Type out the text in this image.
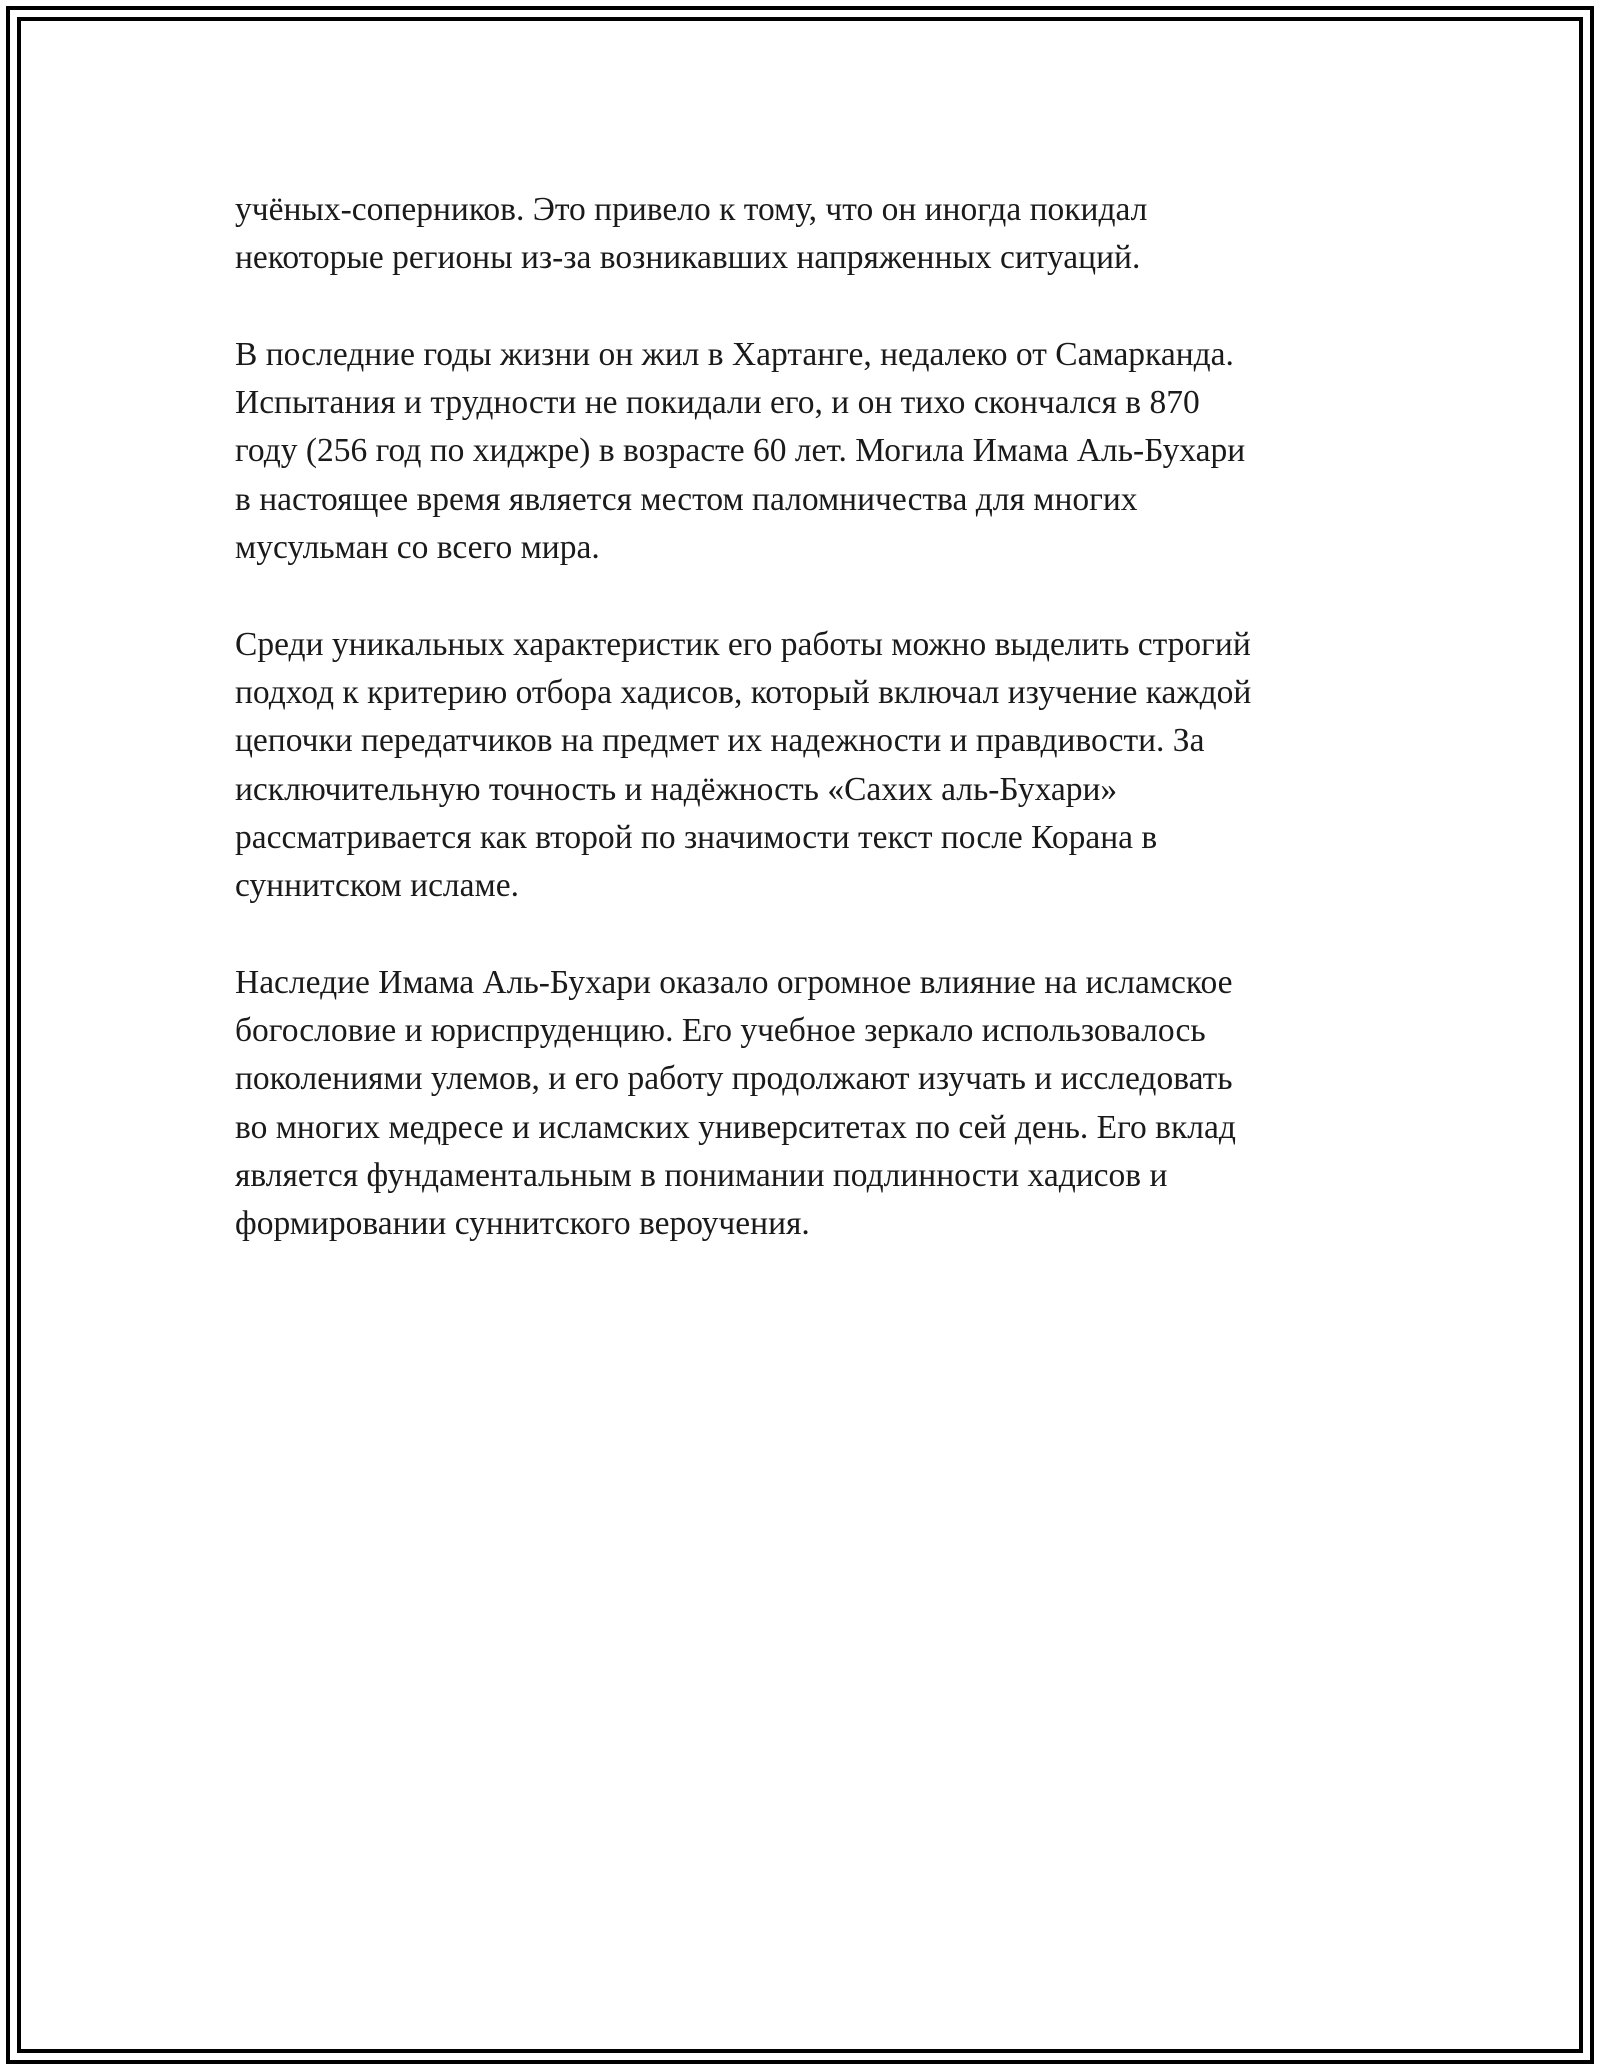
учёных-соперников. Это привело к тому, что он иногда покидал
некоторые регионы из-за возникавших напряженных ситуаций.

В последние годы жизни он жил в Хартанге, недалеко от Самарканда.
Испытания и трудности не покидали его, и он тихо скончался в 870
году (256 год по хиджре) в возрасте 60 лет. Могила Имама Аль-Бухари
в настоящее время является местом паломничества для многих
мусульман со всего мира.

Среди уникальных характеристик его работы можно выделить строгий
подход к критерию отбора хадисов, который включал изучение каждой
цепочки передатчиков на предмет их надежности и правдивости. За
исключительную точность и надёжность «Сахих аль-Бухари»
рассматривается как второй по значимости текст после Корана в
суннитском исламе.

Наследие Имама Аль-Бухари оказало огромное влияние на исламское
богословие и юриспруденцию. Его учебное зеркало использовалось
поколениями улемов, и его работу продолжают изучать и исследовать
во многих медресе и исламских университетах по сей день. Его вклад
является фундаментальным в понимании подлинности хадисов и
формировании суннитского вероучения.
